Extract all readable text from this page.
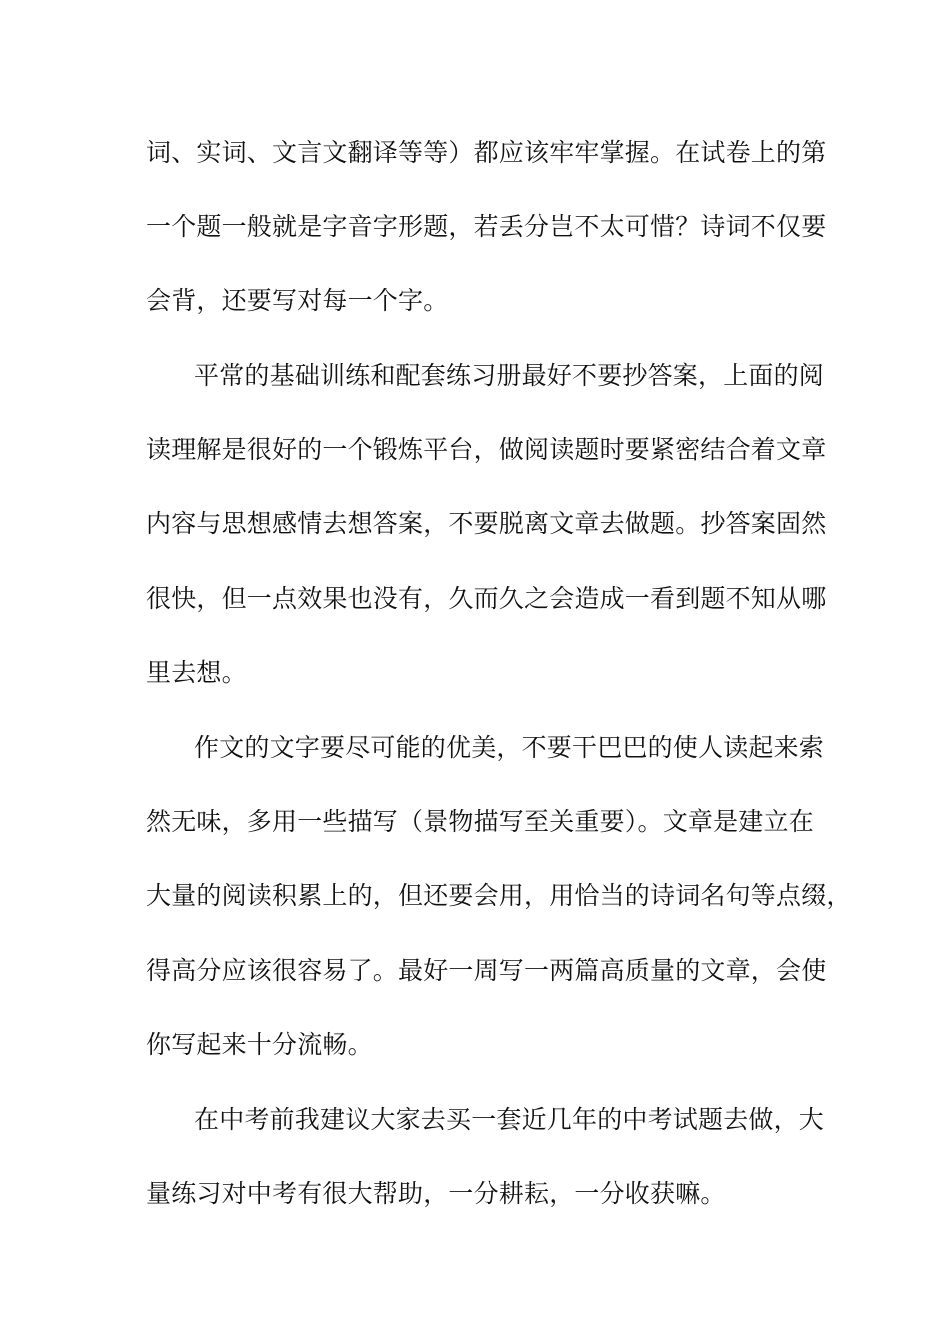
词、实词、文言文翻译等等）都应该牢牢掌握。在试卷上的第
一个题一般就是字音字形题，若丢分岂不太可惜？诗词不仅要
会背，还要写对每一个字。
平常的基础训练和配套练习册最好不要抄答案，上面的阅
读理解是很好的一个锻炼平台，做阅读题时要紧密结合着文章
内容与思想感情去想答案，不要脱离文章去做题。抄答案固然
很快，但一点效果也没有，久而久之会造成一看到题不知从哪
里去想。
作文的文字要尽可能的优美，不要干巴巴的使人读起来索
然无味，多用一些描写（景物描写至关重要）。文章是建立在
大量的阅读积累上的，但还要会用，用恰当的诗词名句等点缀，
得高分应该很容易了。最好一周写一两篇高质量的文章，会使
你写起来十分流畅。
在中考前我建议大家去买一套近几年的中考试题去做，大
量练习对中考有很大帮助，一分耕耘，一分收获嘛。
